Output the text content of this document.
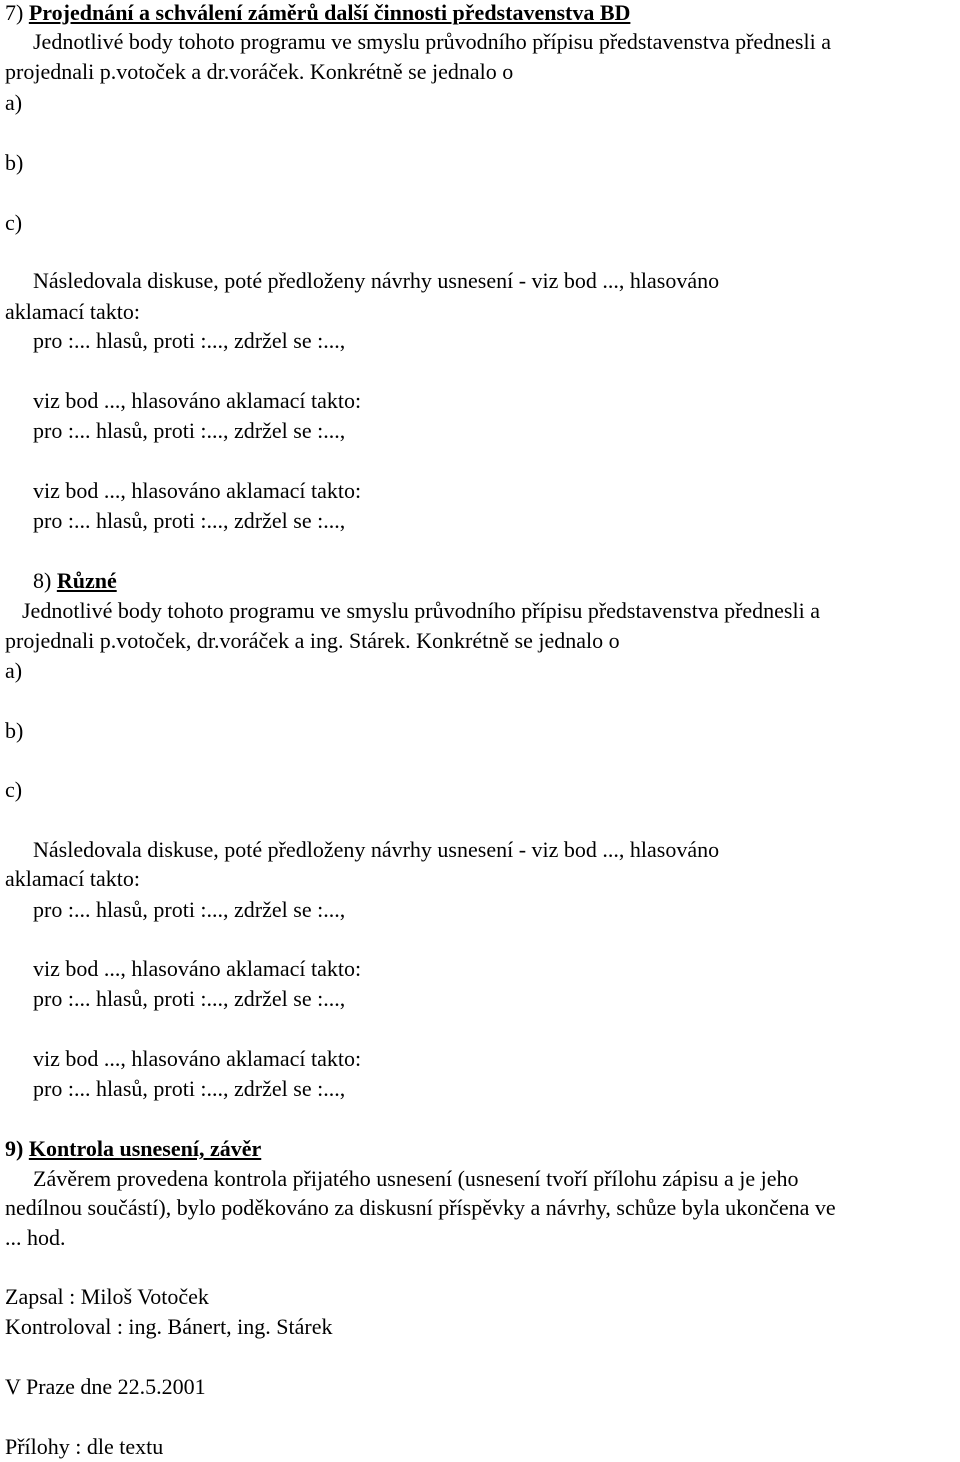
7) Projednání a schválení záměrů další činnosti představenstva BD
Jednotlivé body tohoto programu ve smyslu průvodního přípisu představenstva přednesli a
projednali p.votoček a dr.voráček. Konkrétně se jednalo o
a)
b)
c)
Následovala diskuse, poté předloženy návrhy usnesení - viz bod ..., hlasováno
aklamací takto:
pro :... hlasů, proti :..., zdržel se :...,
viz bod ..., hlasováno aklamací takto:
pro :... hlasů, proti :..., zdržel se :...,
viz bod ..., hlasováno aklamací takto:
pro :... hlasů, proti :..., zdržel se :...,
8) Různé
Jednotlivé body tohoto programu ve smyslu průvodního přípisu představenstva přednesli a
projednali p.votoček, dr.voráček a ing. Stárek. Konkrétně se jednalo o
a)
b)
c)
Následovala diskuse, poté předloženy návrhy usnesení - viz bod ..., hlasováno
aklamací takto:
pro :... hlasů, proti :..., zdržel se :...,
viz bod ..., hlasováno aklamací takto:
pro :... hlasů, proti :..., zdržel se :...,
viz bod ..., hlasováno aklamací takto:
pro :... hlasů, proti :..., zdržel se :...,
9) Kontrola usnesení, závěr
Závěrem provedena kontrola přijatého usnesení (usnesení tvoří přílohu zápisu a je jeho
nedílnou součástí), bylo poděkováno za diskusní příspěvky a návrhy, schůze byla ukončena ve
... hod.
Zapsal : Miloš Votoček
Kontroloval : ing. Bánert, ing. Stárek
V Praze dne 22.5.2001
Přílohy : dle textu
